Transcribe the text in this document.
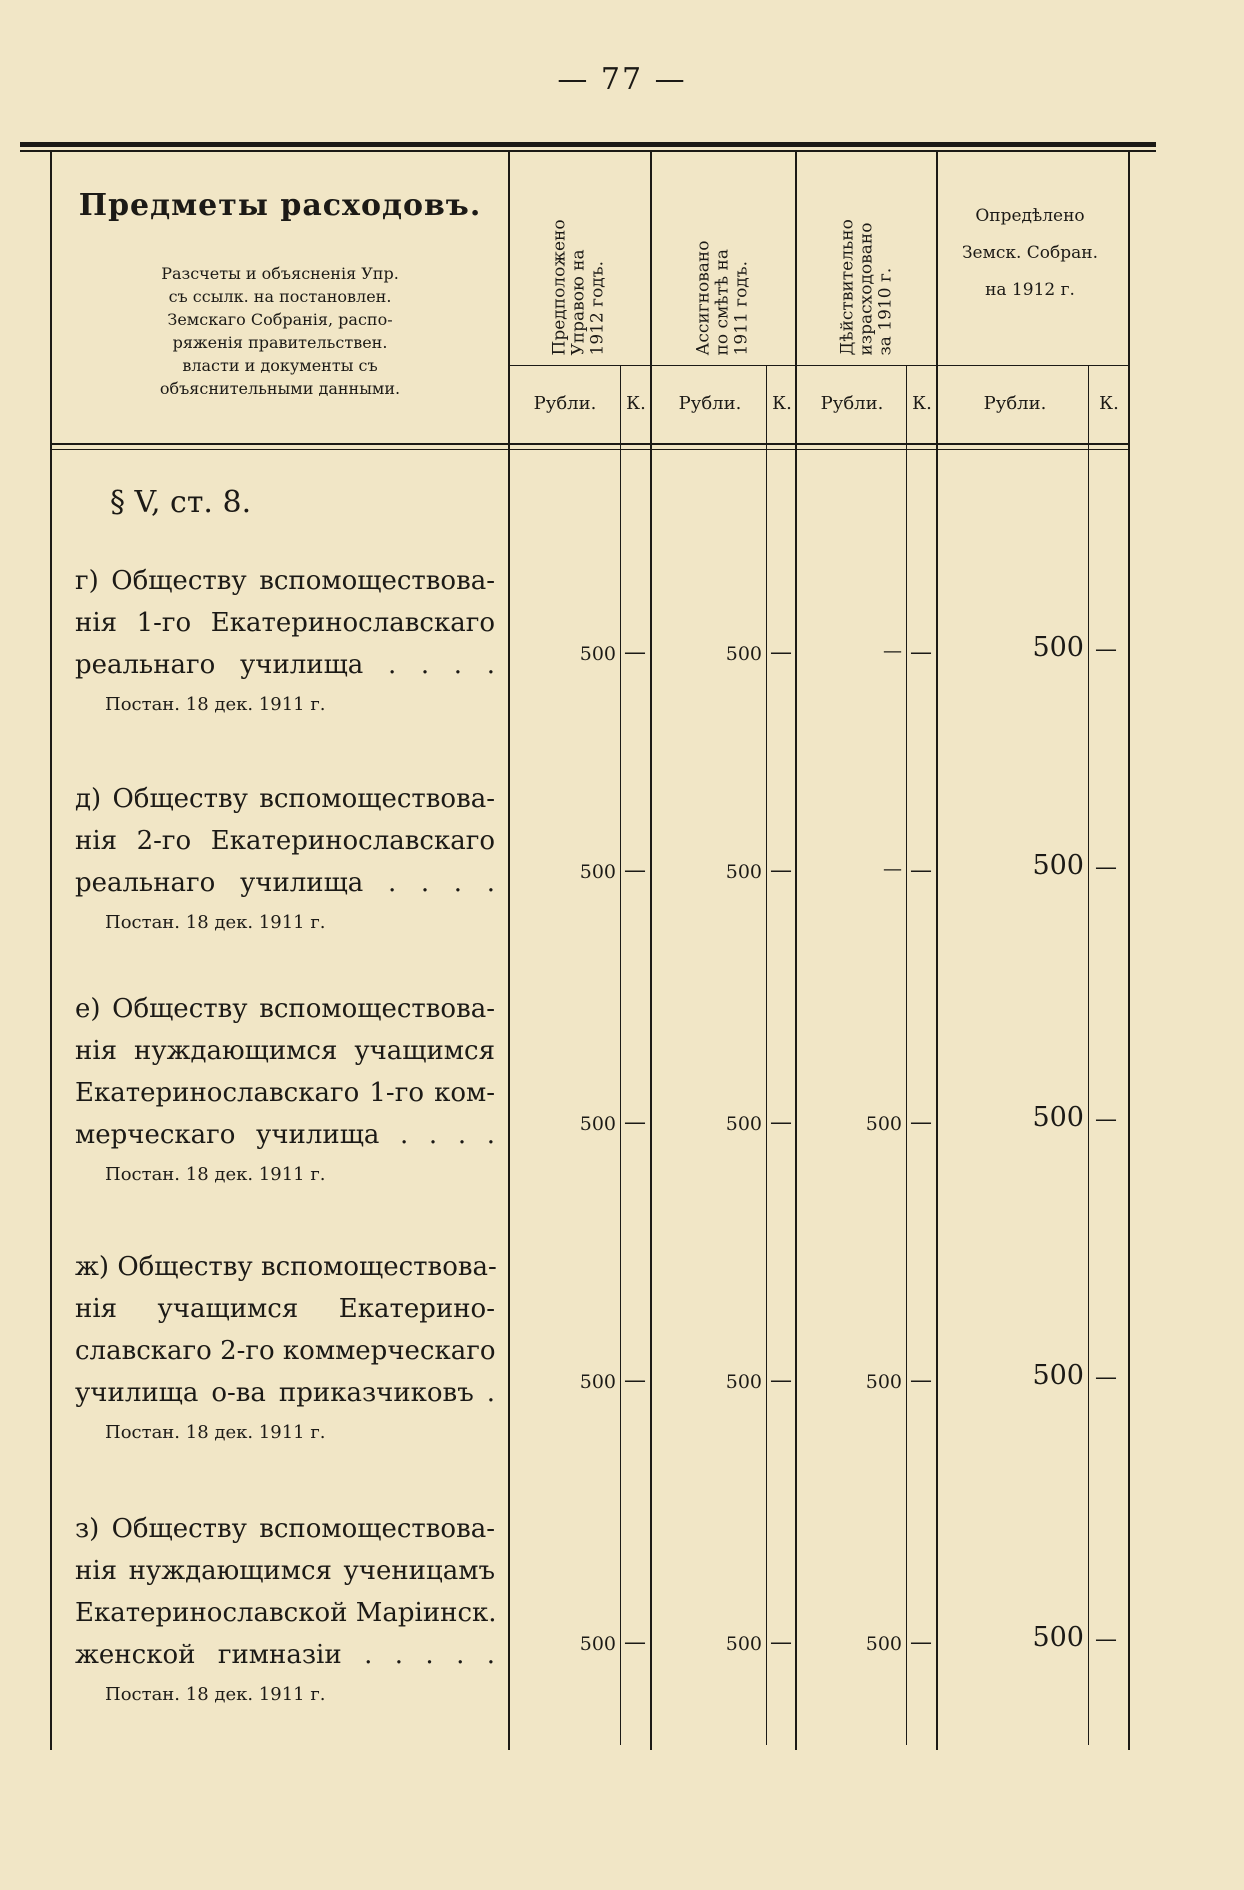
— 77 —
Предметы расходовъ.
Разсчеты и объясненія Упр.
съ ссылк. на постановлен.
Земскаго Собранія, распо-
ряженія правительствен.
власти и документы съ
объяснительными данными.
Предположено
Управою на
1912 годъ.	Ассигновано
по смѣтѣ на
1911 годъ.	Дѣйствительно
израсходовано
за 1910 г.
Опредѣлено
Земск. Собран.
на 1912 г.
Рубли.	К.	Рубли.	К.	Рубли.	К.	Рубли.	К.
§ V, ст. 8.
г) Обществу вспомоществова-
нія 1-го Екатеринославскаго
реальнаго училища . . . .
Постан. 18 дек. 1911 г.
500 —	500 —	— —	500 —
д) Обществу вспомоществова-
нія 2-го Екатеринославскаго
реальнаго училища . . . .
Постан. 18 дек. 1911 г.
500 —	500 —	— —	500 —
е) Обществу вспомоществова-
нія нуждающимся учащимся
Екатеринославскаго 1-го ком-
мерческаго училища . . . .
Постан. 18 дек. 1911 г.
500 —	500 —	500 —	500 —
ж) Обществу вспомоществова-
нія учащимся Екатерино-
славскаго 2-го коммерческаго
училища о-ва приказчиковъ .
Постан. 18 дек. 1911 г.
500 —	500 —	500 —	500 —
з) Обществу вспомоществова-
нія нуждающимся ученицамъ
Екатеринославской Маріинск.
женской гимназіи . . . . .
Постан. 18 дек. 1911 г.
500 —	500 —	500 —	500 —
